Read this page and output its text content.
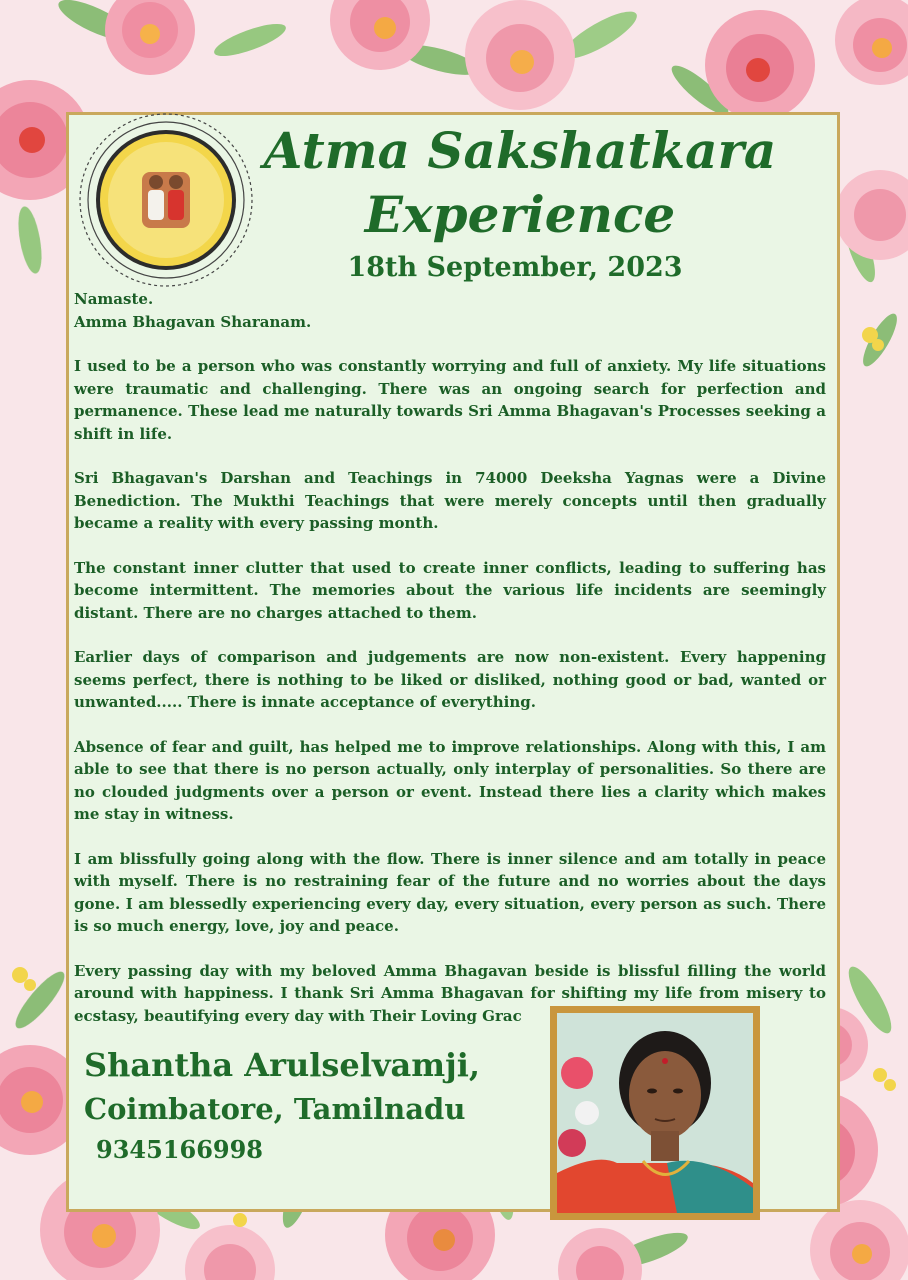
Atma Sakshatkara
Experience
18th September, 2023

Namaste.
Amma Bhagavan Sharanam.

I used to be a person who was constantly worrying and full of anxiety. My life situations were traumatic and challenging. There was an ongoing search for perfection and permanence. These lead me naturally towards Sri Amma Bhagavan's Processes seeking a shift in life.

Sri Bhagavan's Darshan and Teachings in 74000 Deeksha Yagnas were a Divine Benediction. The Mukthi Teachings that were merely concepts until then gradually became a reality with every passing month.

The constant inner clutter that used to create inner conflicts, leading to suffering has become intermittent. The memories about the various life incidents are seemingly distant. There are no charges attached to them.

Earlier days of comparison and judgements are now non-existent. Every happening seems perfect, there is nothing to be liked or disliked, nothing good or bad, wanted or unwanted..... There is innate acceptance of everything.

Absence of fear and guilt, has helped me to improve relationships. Along with this, I am able to see that there is no person actually, only interplay of personalities. So there are no clouded judgments over a person or event. Instead there lies a clarity which makes me stay in witness.

I am blissfully going along with the flow. There is inner silence and am totally in peace with myself. There is no restraining fear of the future and no worries about the days gone. I am blessedly experiencing every day, every situation, every person as such. There is so much energy, love, joy and peace.

Every passing day with my beloved Amma Bhagavan beside is blissful filling the world around with happiness. I thank Sri Amma Bhagavan for shifting my life from misery to ecstasy, beautifying every day with Their Loving Grac

Shantha Arulselvamji,
Coimbatore, Tamilnadu
9345166998
